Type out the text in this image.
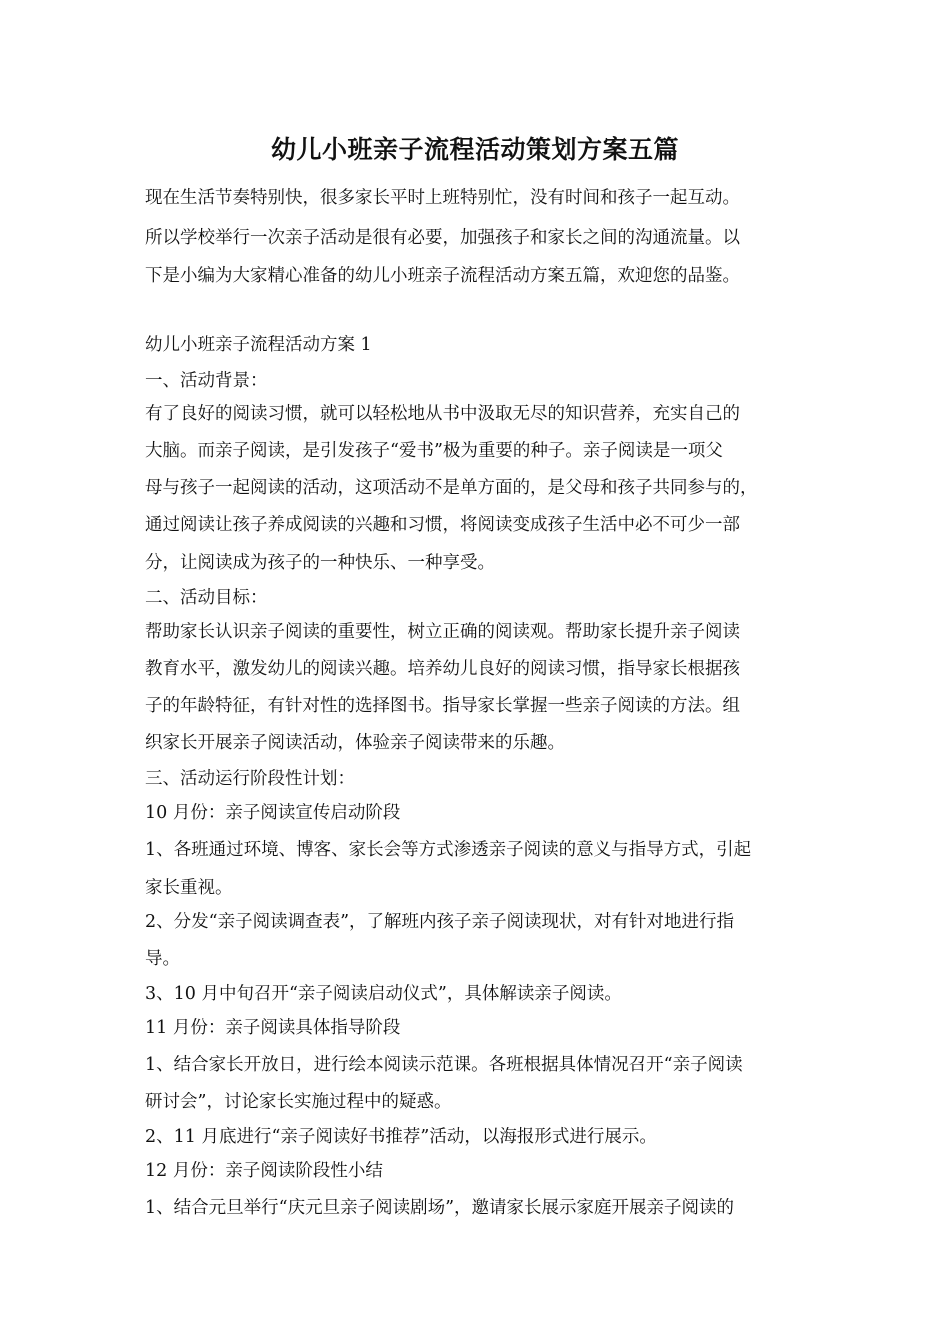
幼儿小班亲子流程活动策划方案五篇
现在生活节奏特别快，很多家长平时上班特别忙，没有时间和孩子一起互动。
所以学校举行一次亲子活动是很有必要，加强孩子和家长之间的沟通流量。以
下是小编为大家精心准备的幼儿小班亲子流程活动方案五篇，欢迎您的品鉴。
幼儿小班亲子流程活动方案 1
一、活动背景：
有了良好的阅读习惯，就可以轻松地从书中汲取无尽的知识营养，充实自己的
大脑。而亲子阅读，是引发孩子“爱书”极为重要的种子。亲子阅读是一项父
母与孩子一起阅读的活动，这项活动不是单方面的，是父母和孩子共同参与的，
通过阅读让孩子养成阅读的兴趣和习惯，将阅读变成孩子生活中必不可少一部
分，让阅读成为孩子的一种快乐、一种享受。
二、活动目标：
帮助家长认识亲子阅读的重要性，树立正确的阅读观。帮助家长提升亲子阅读
教育水平，激发幼儿的阅读兴趣。培养幼儿良好的阅读习惯，指导家长根据孩
子的年龄特征，有针对性的选择图书。指导家长掌握一些亲子阅读的方法。组
织家长开展亲子阅读活动，体验亲子阅读带来的乐趣。
三、活动运行阶段性计划：
10 月份：亲子阅读宣传启动阶段
1、各班通过环境、博客、家长会等方式渗透亲子阅读的意义与指导方式，引起
家长重视。
2、分发“亲子阅读调查表”，了解班内孩子亲子阅读现状，对有针对地进行指
导。
3、10 月中旬召开“亲子阅读启动仪式”，具体解读亲子阅读。
11 月份：亲子阅读具体指导阶段
1、结合家长开放日，进行绘本阅读示范课。各班根据具体情况召开“亲子阅读
研讨会”，讨论家长实施过程中的疑惑。
2、11 月底进行“亲子阅读好书推荐”活动，以海报形式进行展示。
12 月份：亲子阅读阶段性小结
1、结合元旦举行“庆元旦亲子阅读剧场”，邀请家长展示家庭开展亲子阅读的
